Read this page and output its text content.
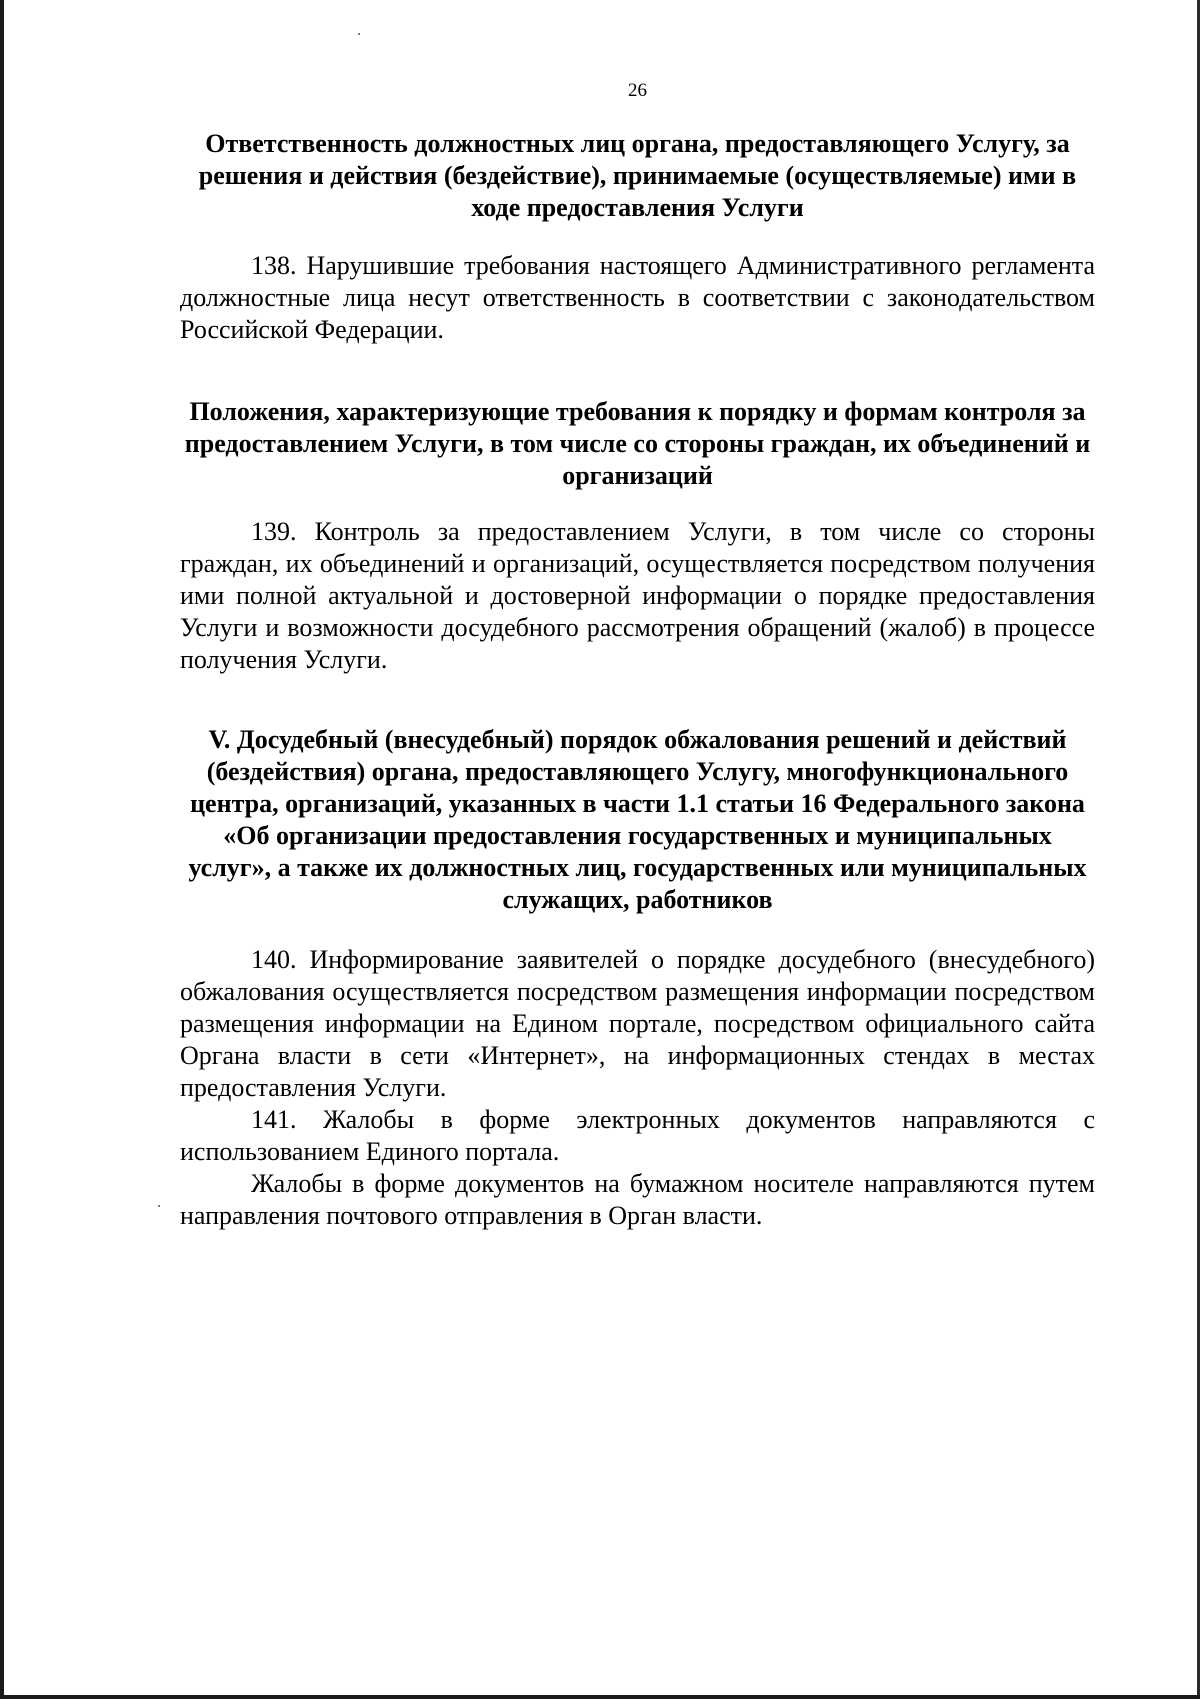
26
Ответственность должностных лиц органа, предоставляющего Услугу, за решения и действия (бездействие), принимаемые (осуществляемые) ими в ходе предоставления Услуги

138. Нарушившие требования настоящего Административного регламента должностные лица несут ответственность в соответствии с законодательством Российской Федерации.

Положения, характеризующие требования к порядку и формам контроля за предоставлением Услуги, в том числе со стороны граждан, их объединений и организаций

139. Контроль за предоставлением Услуги, в том числе со стороны граждан, их объединений и организаций, осуществляется посредством получения ими полной актуальной и достоверной информации о порядке предоставления Услуги и возможности досудебного рассмотрения обращений (жалоб) в процессе получения Услуги.

V. Досудебный (внесудебный) порядок обжалования решений и действий (бездействия) органа, предоставляющего Услугу, многофункционального центра, организаций, указанных в части 1.1 статьи 16 Федерального закона «Об организации предоставления государственных и муниципальных услуг», а также их должностных лиц, государственных или муниципальных служащих, работников

140. Информирование заявителей о порядке досудебного (внесудебного) обжалования осуществляется посредством размещения информации посредством размещения информации на Едином портале, посредством официального сайта Органа власти в сети «Интернет», на информационных стендах в местах предоставления Услуги.

141. Жалобы в форме электронных документов направляются с использованием Единого портала.

Жалобы в форме документов на бумажном носителе направляются путем направления почтового отправления в Орган власти.
